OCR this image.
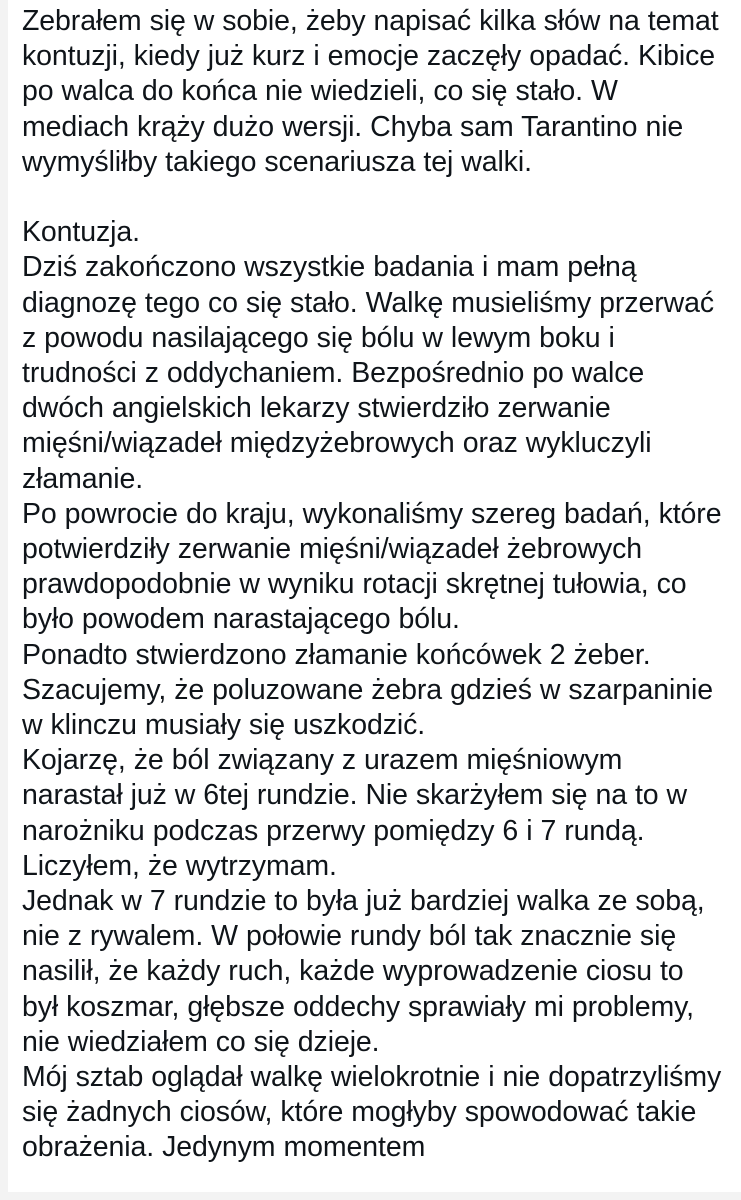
Zebrałem się w sobie, żeby napisać kilka słów na temat kontuzji, kiedy już kurz i emocje zaczęły opadać. Kibice po walca do końca nie wiedzieli, co się stało. W mediach krąży dużo wersji. Chyba sam Tarantino nie wymyśliłby takiego scenariusza tej walki.

Kontuzja.

Dziś zakończono wszystkie badania i mam pełną diagnozę tego co się stało. Walkę musieliśmy przerwać z powodu nasilającego się bólu w lewym boku i trudności z oddychaniem. Bezpośrednio po walce dwóch angielskich lekarzy stwierdziło zerwanie mięśni/wiązadeł międzyżebrowych oraz wykluczyli złamanie.

Po powrocie do kraju, wykonaliśmy szereg badań, które potwierdziły zerwanie mięśni/wiązadeł żebrowych prawdopodobnie w wyniku rotacji skrętnej tułowia, co było powodem narastającego bólu.

Ponadto stwierdzono złamanie końcówek 2 żeber.

Szacujemy, że poluzowane żebra gdzieś w szarpaninie w klinczu musiały się uszkodzić.

Kojarzę, że ból związany z urazem mięśniowym narastał już w 6tej rundzie. Nie skarżyłem się na to w narożniku podczas przerwy pomiędzy 6 i 7 rundą.

Liczyłem, że wytrzymam.

Jednak w 7 rundzie to była już bardziej walka ze sobą, nie z rywalem. W połowie rundy ból tak znacznie się nasilił, że każdy ruch, każde wyprowadzenie ciosu to był koszmar, głębsze oddechy sprawiały mi problemy, nie wiedziałem co się dzieje.

Mój sztab oglądał walkę wielokrotnie i nie dopatrzyliśmy się żadnych ciosów, które mogłyby spowodować takie obrażenia. Jedynym momentem
